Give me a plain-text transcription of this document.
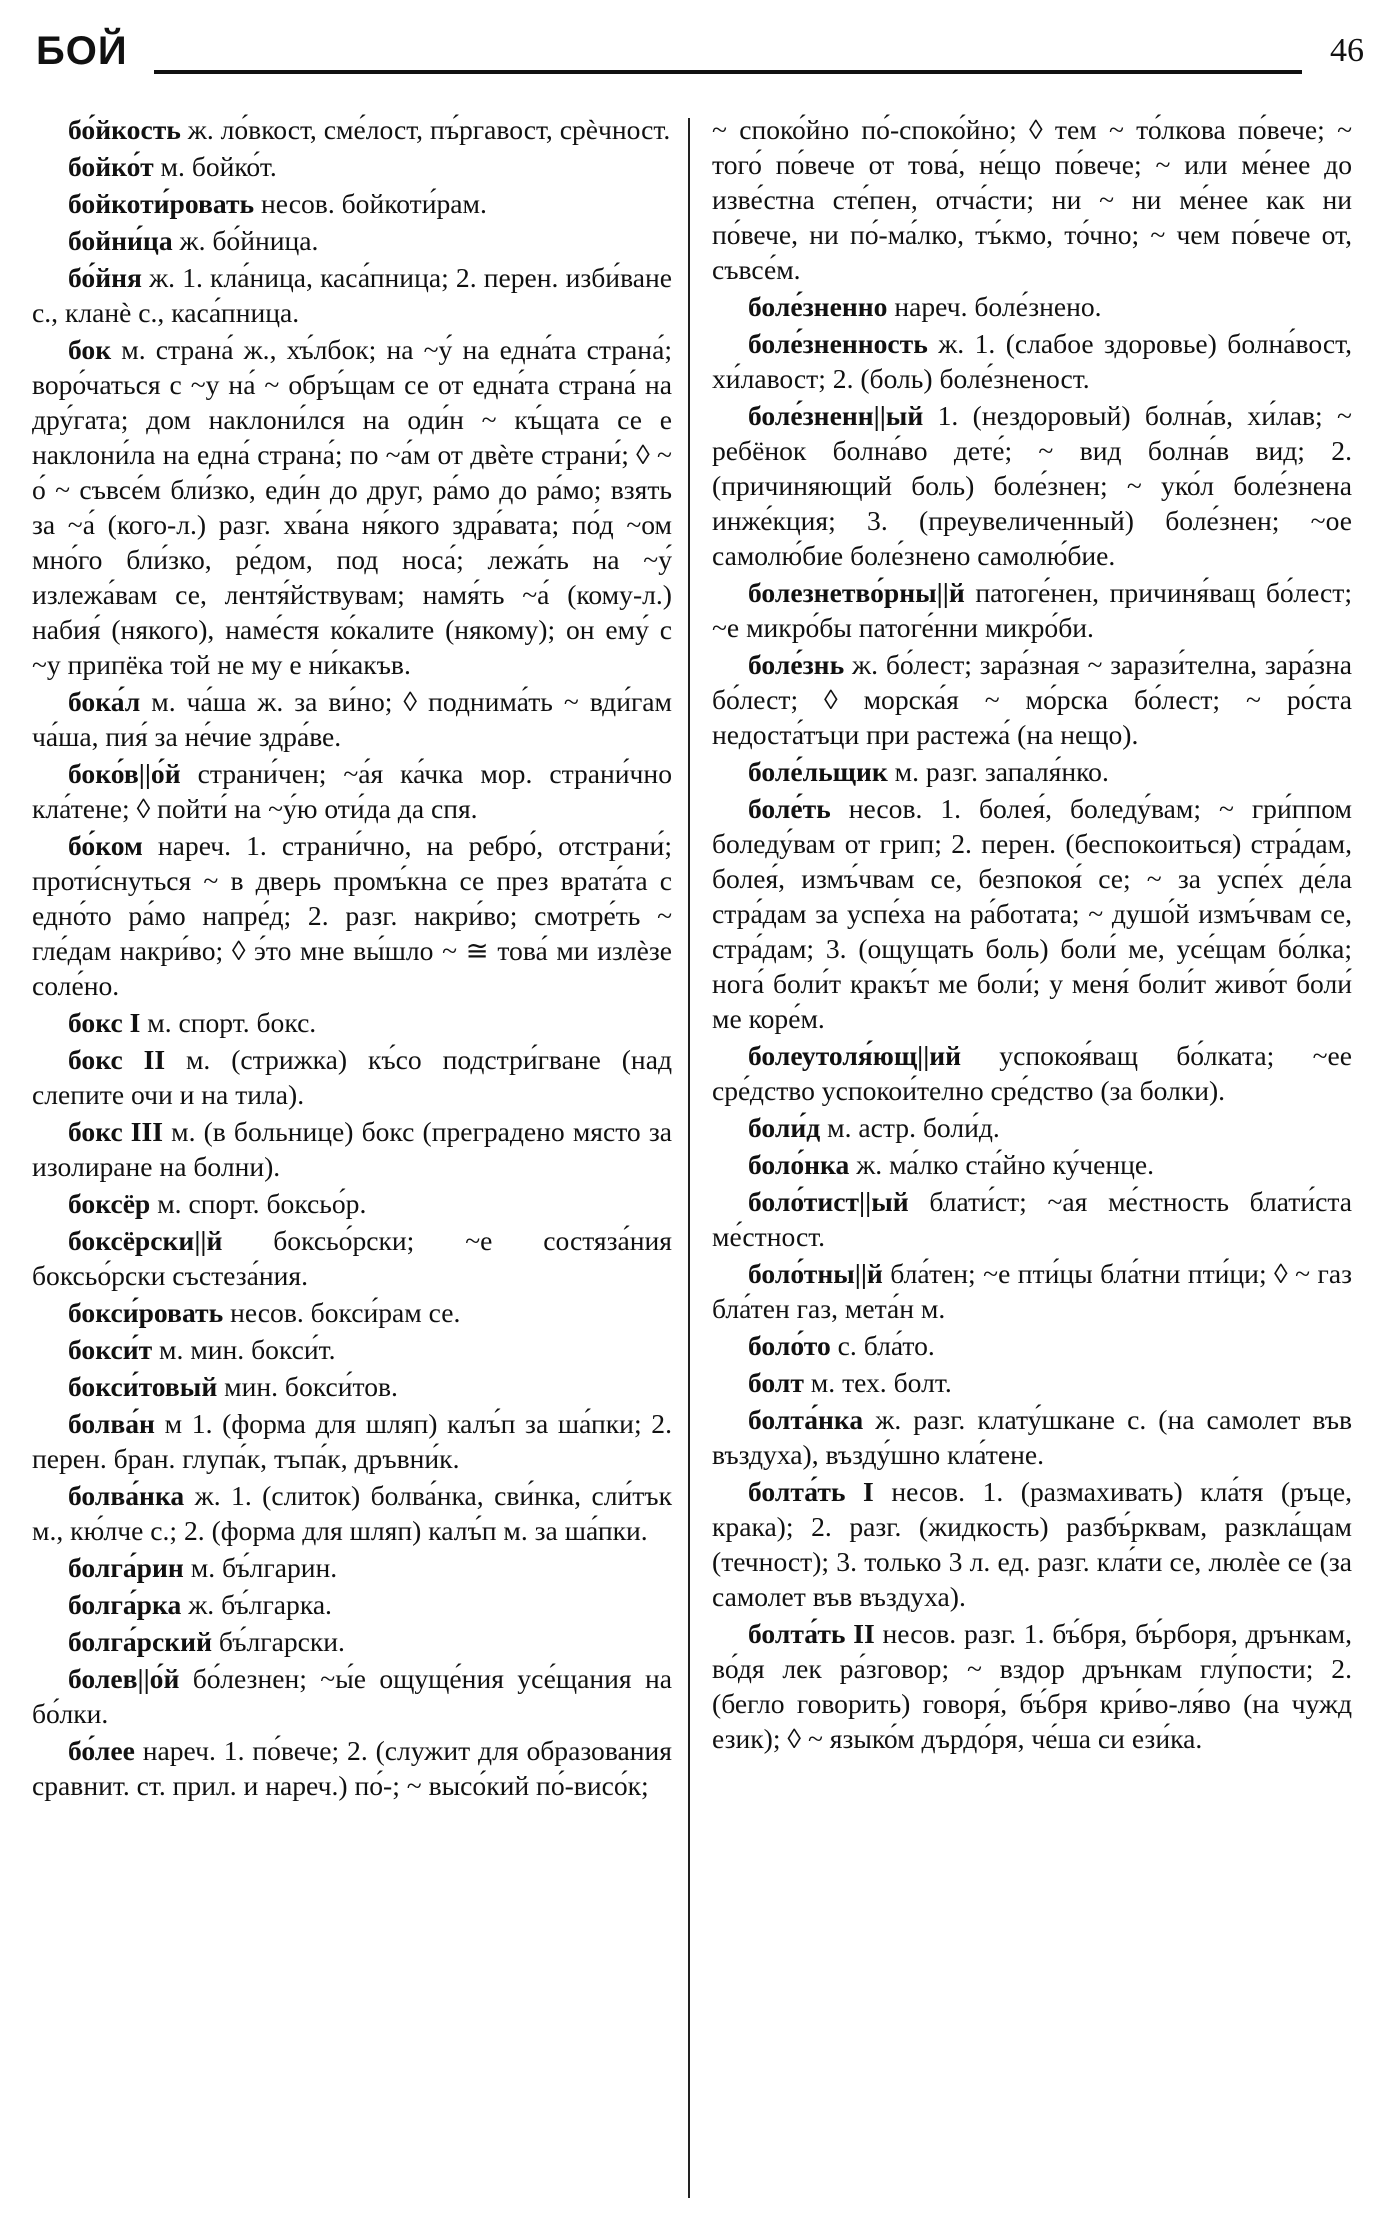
БОЙ	46

бо́йкость ж. ло́вкост, сме́лост, пъ́ргавост, срѐчност.

бойко́т м. бойко́т.

бойкоти́ровать несов. бойкоти́рам.

бойни́ца ж. бо́йница.

бо́йня ж. 1. кла́ница, каса́пница; 2. перен. изби́ване с., кланѐ с., каса́пница.

бок м. страна́ ж., хъ́лбок; на ~у́ на една́та страна́; воро́чаться с ~у на́ ~ обръ́щам се от една́та страна́ на дру́гата; дом наклони́лся на оди́н ~ къ́щата се е наклони́ла на една́ страна́; по ~а́м от двѐте страни́; ◊ ~ о́ ~ съвсе́м бли́зко, еди́н до друг, ра́мо до ра́мо; взять за ~а́ (кого-л.) разг. хва́на ня́кого здра́вата; по́д ~ом мно́го бли́зко, ре́дом, под носа́; лежа́ть на ~у́ излежа́вам се, лентя́йствувам; намя́ть ~а́ (кому-л.) набия́ (някого), наме́стя ко́калите (някому); он ему́ с ~у припёка той не му е ни́какъв.

бока́л м. ча́ша ж. за ви́но; ◊ поднима́ть ~ вди́гам ча́ша, пия́ за не́чие здра́ве.

боко́в||о́й страни́чен; ~а́я ка́чка мор. страни́чно кла́тене; ◊ пойти́ на ~у́ю оти́да да спя.

бо́ком нареч. 1. страни́чно, на ребро́, отстрани́; проти́снуться ~ в дверь промъ́кна се през врата́та с едно́то ра́мо напре́д; 2. разг. накри́во; смотре́ть ~ гле́дам накри́во; ◊ э́то мне вы́шло ~ ≅ това́ ми излѐзе соле́но.

бокс I м. спорт. бокс.

бокс II м. (стрижка) къ́со подстри́гване (над слепите очи и на тила).

бокс III м. (в больнице) бокс (преградено място за изолиране на болни).

боксёр м. спорт. боксьо́р.

боксёрски||й боксьо́рски; ~е состяза́ния боксьо́рски състеза́ния.

бокси́ровать несов. бокси́рам се.

бокси́т м. мин. бокси́т.

бокси́товый мин. бокси́тов.

болва́н м 1. (форма для шляп) калъ́п за ша́пки; 2. перен. бран. глупа́к, тъпа́к, дръвни́к.

болва́нка ж. 1. (слиток) болва́нка, сви́нка, сли́тък м., кю́лче с.; 2. (форма для шляп) калъ́п м. за ша́пки.

болга́рин м. бъ́лгарин.

болга́рка ж. бъ́лгарка.

болга́рский бъ́лгарски.

болев||о́й бо́лезнен; ~ы́е ощуще́ния усе́щания на бо́лки.

бо́лее нареч. 1. по́вече; 2. (служит для образования сравнит. ст. прил. и нареч.) по́-; ~ высо́кий по́-висо́к;

~ споко́йно по́-споко́йно; ◊ тем ~ то́лкова по́вече; ~ того́ по́вече от това́, не́що по́вече; ~ или ме́нее до изве́стна сте́пен, отча́сти; ни ~ ни ме́нее как ни по́вече, ни по́-ма́лко, тъ́кмо, то́чно; ~ чем по́вече от, съвсе́м.

боле́зненно нареч. боле́знено.

боле́зненность ж. 1. (слабое здоровье) болна́вост, хи́лавост; 2. (боль) боле́зненост.

боле́зненн||ый 1. (нездоровый) болна́в, хи́лав; ~ ребёнок болна́во дете́; ~ вид болна́в вид; 2. (причиняющий боль) боле́знен; ~ уко́л боле́знена инже́кция; 3. (преувеличенный) боле́знен; ~ое самолю́бие боле́знено самолю́бие.

болезнетво́рны||й патоге́нен, причиня́ващ бо́лест; ~е микро́бы патоге́нни микро́би.

боле́знь ж. бо́лест; зара́зная ~ зарази́телна, зара́зна бо́лест; ◊ морска́я ~ мо́рска бо́лест; ~ ро́ста недоста́тъци при растежа́ (на нещо).

боле́льщик м. разг. запаля́нко.

боле́ть несов. 1. болея́, боледу́вам; ~ гри́ппом боледу́вам от грип; 2. перен. (беспокоиться) стра́дам, болея́, измъ́чвам се, безпокоя́ се; ~ за успе́х де́ла стра́дам за успе́ха на ра́ботата; ~ душо́й измъ́чвам се, стра́дам; 3. (ощущать боль) боли́ ме, усе́щам бо́лка; нога́ боли́т кракъ́т ме боли́; у меня́ боли́т живо́т боли́ ме коре́м.

болеутоля́ющ||ий успокоя́ващ бо́лката; ~ее сре́дство успокои́телно сре́дство (за болки).

боли́д м. астр. боли́д.

боло́нка ж. ма́лко ста́йно ку́ченце.

боло́тист||ый блати́ст; ~ая ме́стность блати́ста ме́стност.

боло́тны||й бла́тен; ~е пти́цы бла́тни пти́ци; ◊ ~ газ бла́тен газ, мета́н м.

боло́то с. бла́то.

болт м. тех. болт.

болта́нка ж. разг. клату́шкане с. (на самолет във въздуха), възду́шно кла́тене.

болта́ть I несов. 1. (размахивать) кла́тя (ръце, крака); 2. разг. (жидкость) разбъ́рквам, разкла́щам (течност); 3. только 3 л. ед. разг. кла́ти се, люлѐе се (за самолет във въздуха).

болта́ть II несов. разг. 1. бъ́бря, бъ́рборя, дрънкам, во́дя лек ра́зговор; ~ вздор дрънкам глу́пости; 2. (бегло говорить) говоря́, бъ́бря кри́во-ля́во (на чужд език); ◊ ~ языко́м дърдо́ря, че́ша си ези́ка.
